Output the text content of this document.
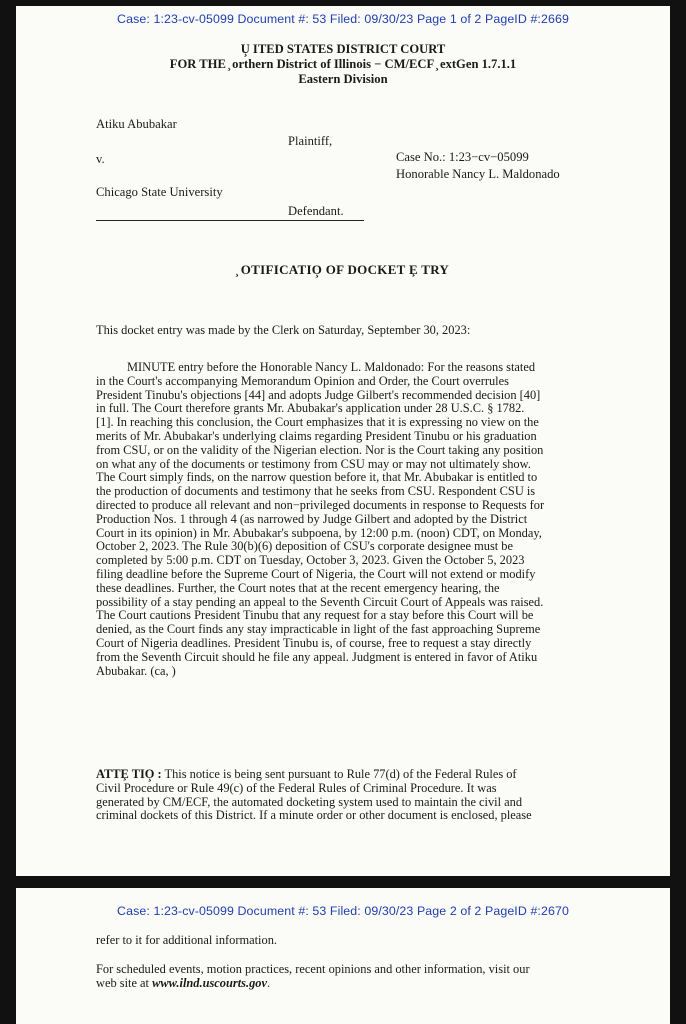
Case: 1:23-cv-05099 Document #: 53 Filed: 09/30/23 Page 1 of 2 PageID #:2669
U̧ ITED STATES DISTRICT COURT
FOR THE ̧ orthern District of Illinois − CM/ECF ̧ extGen 1.7.1.1
Eastern Division
Atiku Abubakar
Plaintiff,
v.	Case No.: 1:23−cv−05099
Honorable Nancy L. Maldonado
Chicago State University
Defendant.
̧ OTIFICATIO̧ OF DOCKET Ȩ TRY
This docket entry was made by the Clerk on Saturday, September 30, 2023:
MINUTE entry before the Honorable Nancy L. Maldonado: For the reasons stated
in the Court's accompanying Memorandum Opinion and Order, the Court overrules
President Tinubu's objections [44] and adopts Judge Gilbert's recommended decision [40]
in full. The Court therefore grants Mr. Abubakar's application under 28 U.S.C. § 1782.
[1]. In reaching this conclusion, the Court emphasizes that it is expressing no view on the
merits of Mr. Abubakar's underlying claims regarding President Tinubu or his graduation
from CSU, or on the validity of the Nigerian election. Nor is the Court taking any position
on what any of the documents or testimony from CSU may or may not ultimately show.
The Court simply finds, on the narrow question before it, that Mr. Abubakar is entitled to
the production of documents and testimony that he seeks from CSU. Respondent CSU is
directed to produce all relevant and non−privileged documents in response to Requests for
Production Nos. 1 through 4 (as narrowed by Judge Gilbert and adopted by the District
Court in its opinion) in Mr. Abubakar's subpoena, by 12:00 p.m. (noon) CDT, on Monday,
October 2, 2023. The Rule 30(b)(6) deposition of CSU's corporate designee must be
completed by 5:00 p.m. CDT on Tuesday, October 3, 2023. Given the October 5, 2023
filing deadline before the Supreme Court of Nigeria, the Court will not extend or modify
these deadlines. Further, the Court notes that at the recent emergency hearing, the
possibility of a stay pending an appeal to the Seventh Circuit Court of Appeals was raised.
The Court cautions President Tinubu that any request for a stay before this Court will be
denied, as the Court finds any stay impracticable in light of the fast approaching Supreme
Court of Nigeria deadlines. President Tinubu is, of course, free to request a stay directly
from the Seventh Circuit should he file any appeal. Judgment is entered in favor of Atiku
Abubakar. (ca, )
ATTȨ TIO̧ : This notice is being sent pursuant to Rule 77(d) of the Federal Rules of
Civil Procedure or Rule 49(c) of the Federal Rules of Criminal Procedure. It was
generated by CM/ECF, the automated docketing system used to maintain the civil and
criminal dockets of this District. If a minute order or other document is enclosed, please
Case: 1:23-cv-05099 Document #: 53 Filed: 09/30/23 Page 2 of 2 PageID #:2670
refer to it for additional information.
For scheduled events, motion practices, recent opinions and other information, visit our
web site at www.ilnd.uscourts.gov.
